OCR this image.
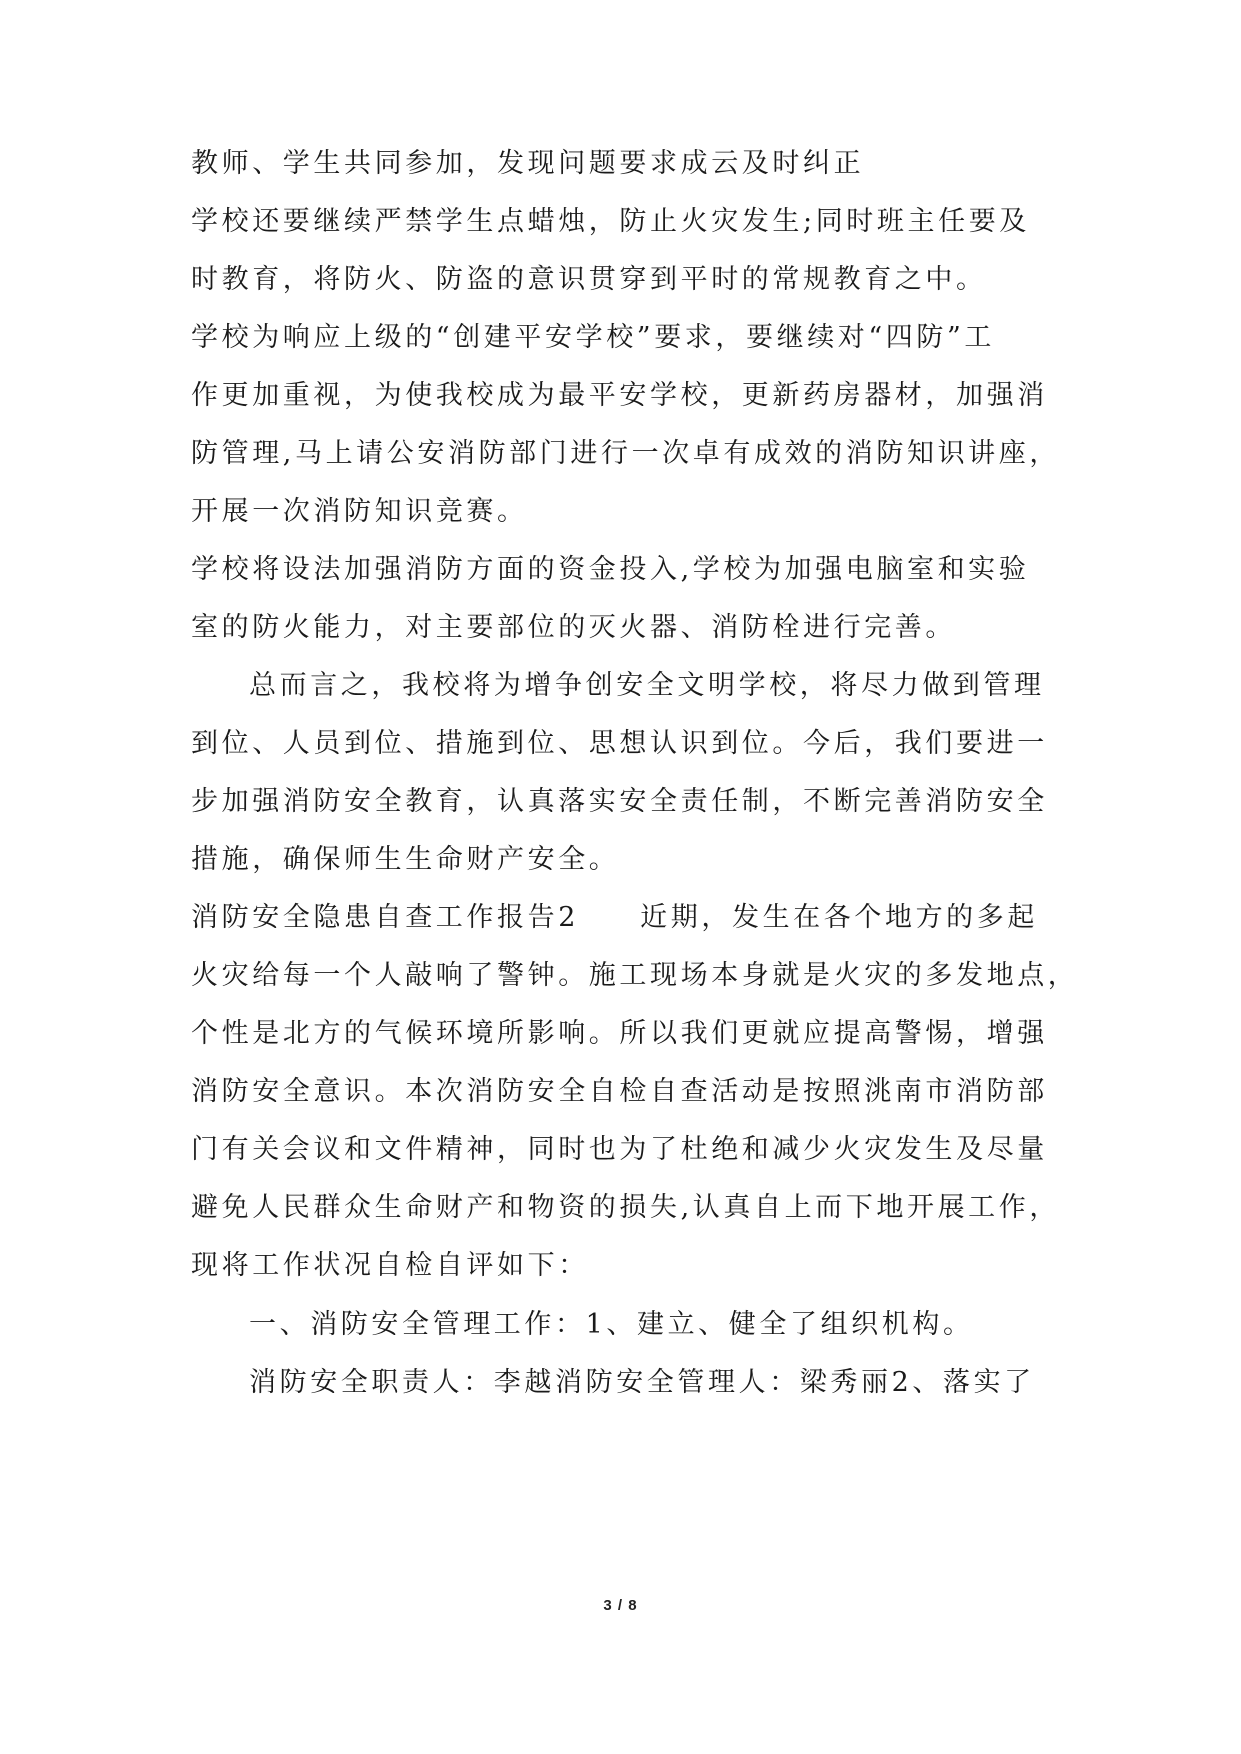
教师、学生共同参加，发现问题要求成云及时纠正

学校还要继续严禁学生点蜡烛，防止火灾发生;同时班主任要及

时教育，将防火、防盗的意识贯穿到平时的常规教育之中。

学校为响应上级的“创建平安学校”要求，要继续对“四防”工

作更加重视，为使我校成为最平安学校，更新药房器材，加强消

防管理,马上请公安消防部门进行一次卓有成效的消防知识讲座，

开展一次消防知识竞赛。

学校将设法加强消防方面的资金投入,学校为加强电脑室和实验

室的防火能力，对主要部位的灭火器、消防栓进行完善。

总而言之，我校将为增争创安全文明学校，将尽力做到管理

到位、人员到位、措施到位、思想认识到位。今后，我们要进一

步加强消防安全教育，认真落实安全责任制，不断完善消防安全

措施，确保师生生命财产安全。

消防安全隐患自查工作报告2　　近期，发生在各个地方的多起

火灾给每一个人敲响了警钟。施工现场本身就是火灾的多发地点，

个性是北方的气候环境所影响。所以我们更就应提高警惕，增强

消防安全意识。本次消防安全自检自查活动是按照洮南市消防部

门有关会议和文件精神，同时也为了杜绝和减少火灾发生及尽量

避免人民群众生命财产和物资的损失,认真自上而下地开展工作，

现将工作状况自检自评如下：

一、消防安全管理工作：1、建立、健全了组织机构。

消防安全职责人：李越消防安全管理人：梁秀丽2、落实了

3 / 8
